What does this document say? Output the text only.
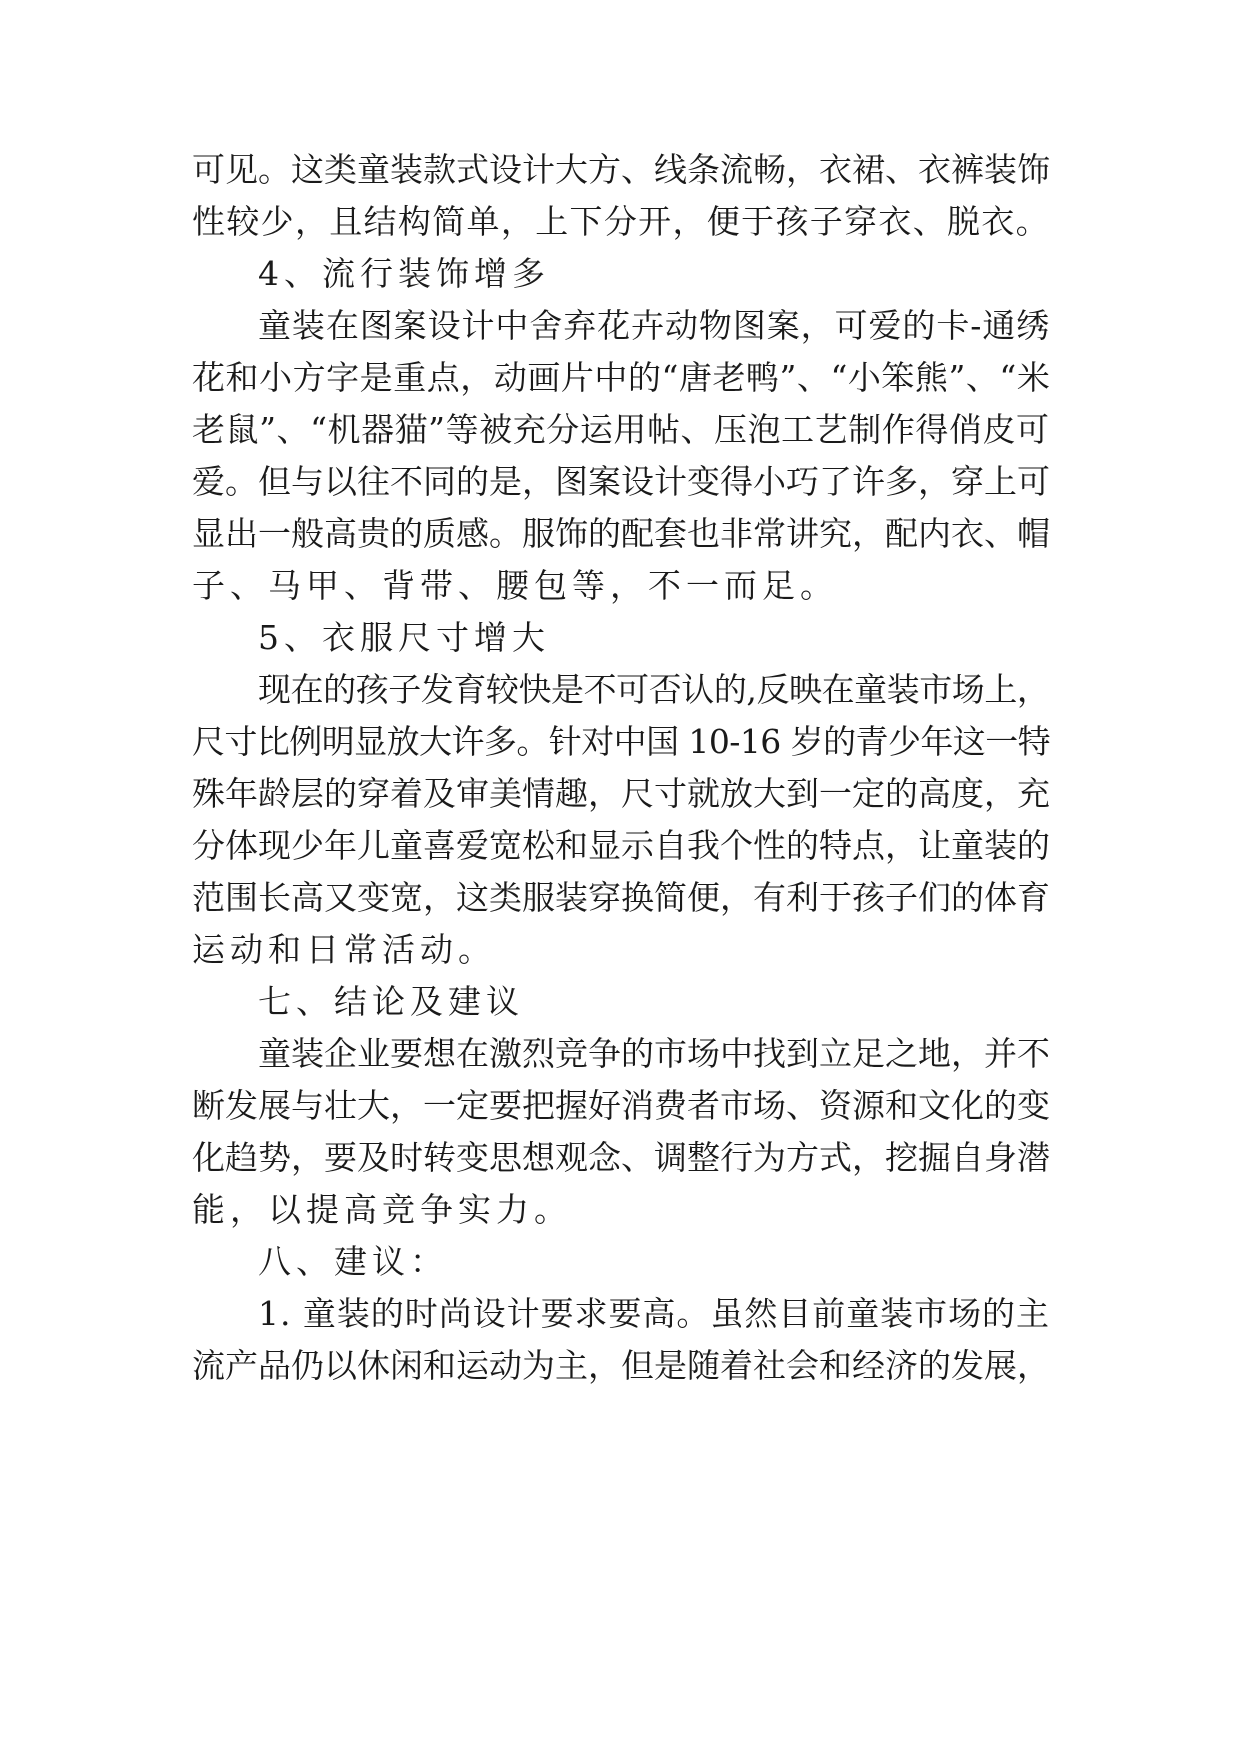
可见。这类童装款式设计大方、线条流畅，衣裙、衣裤装饰
性较少，且结构简单，上下分开，便于孩子穿衣、脱衣。
4、流行装饰增多
童装在图案设计中舍弃花卉动物图案，可爱的卡-通绣
花和小方字是重点，动画片中的“唐老鸭”、“小笨熊”、“米
老鼠”、“机器猫”等被充分运用帖、压泡工艺制作得俏皮可
爱。但与以往不同的是，图案设计变得小巧了许多，穿上可
显出一般高贵的质感。服饰的配套也非常讲究，配内衣、帽
子、马甲、背带、腰包等，不一而足。
5、衣服尺寸增大
现在的孩子发育较快是不可否认的,反映在童装市场上，
尺寸比例明显放大许多。针对中国 10-16 岁的青少年这一特
殊年龄层的穿着及审美情趣，尺寸就放大到一定的高度，充
分体现少年儿童喜爱宽松和显示自我个性的特点，让童装的
范围长高又变宽，这类服装穿换简便，有利于孩子们的体育
运动和日常活动。
七、结论及建议
童装企业要想在激烈竞争的市场中找到立足之地，并不
断发展与壮大，一定要把握好消费者市场、资源和文化的变
化趋势，要及时转变思想观念、调整行为方式，挖掘自身潜
能，以提高竞争实力。
八、建议：
1. 童装的时尚设计要求要高。虽然目前童装市场的主
流产品仍以休闲和运动为主，但是随着社会和经济的发展，
